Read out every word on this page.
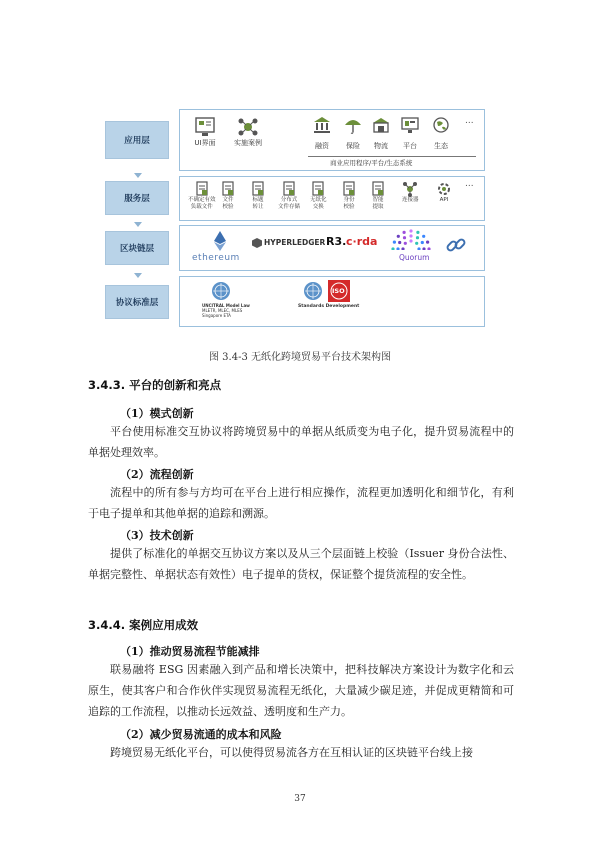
应用层	UI界面	实施案例	融资 保险 物流 平台 生态
...
商业应用程序/平台/生态系统
服务层	不确定有效
负载文件
文件
校验
标题
转让
分布式
文件存储
无纸化
交换
身份
校验
智能
提取
连接器	API
...
区块链层
ethereum
HYPERLEDGER R3. c·rda
Quorum
协议标准层	UNCITRAL Model Law
MLETR, MLEC, MLES
Singapore ETA
ISO
Standards Development
图 3.4-3 无纸化跨境贸易平台技术架构图
3.4.3. 平台的创新和亮点
（1）模式创新
平台使用标准交互协议将跨境贸易中的单据从纸质变为电子化，提升贸易流程中的单据处理效率。
（2）流程创新
流程中的所有参与方均可在平台上进行相应操作，流程更加透明化和细节化，有利于电子提单和其他单据的追踪和溯源。
（3）技术创新
提供了标准化的单据交互协议方案以及从三个层面链上校验（Issuer 身份合法性、单据完整性、单据状态有效性）电子提单的货权，保证整个提货流程的安全性。
3.4.4. 案例应用成效
（1）推动贸易流程节能减排
联易融将 ESG 因素融入到产品和增长决策中，把科技解决方案设计为数字化和云原生，使其客户和合作伙伴实现贸易流程无纸化，大量减少碳足迹，并促成更精简和可追踪的工作流程，以推动长远效益、透明度和生产力。
（2）减少贸易流通的成本和风险
跨境贸易无纸化平台，可以使得贸易流各方在互相认证的区块链平台线上接
37
